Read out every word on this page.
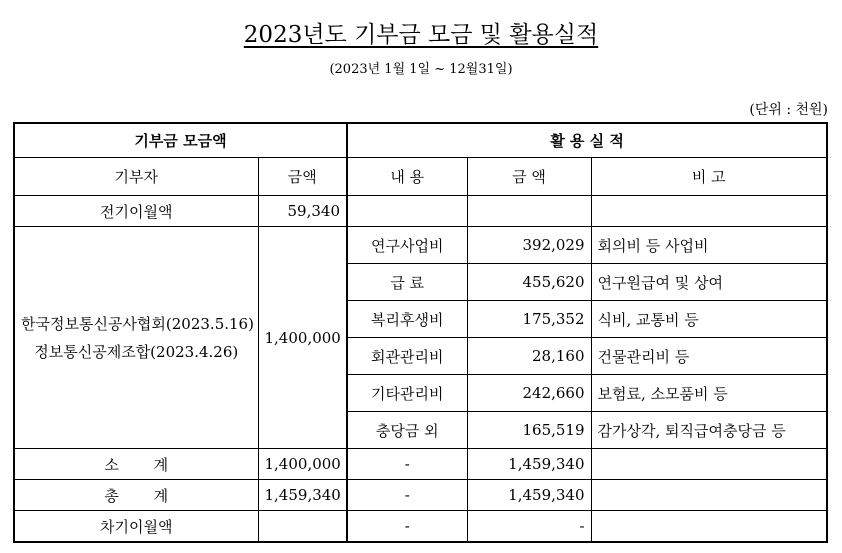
2023년도 기부금 모금 및 활용실적
(2023년 1월 1일 ~ 12월31일)
(단위 : 천원)
기부금 모금액		활 용 실 적		
기부자	금액	내 용	금 액	비 고
전기이월액	59,340			

한국정보통신공사협회(2023.5.16)
정보통신공제조합(2023.4.26)	1,400,000	연구사업비	392,029	회의비 등 사업비
		급 료	455,620	연구원급여 및 상여
		복리후생비	175,352	식비, 교통비 등
		회관관리비	28,160	건물관리비 등
		기타관리비	242,660	보험료, 소모품비 등
		충당금 외	165,519	감가상각, 퇴직급여충당금 등
소 계	1,400,000	-	1,459,340	
총 계	1,459,340	-	1,459,340	
차기이월액		-	-	
